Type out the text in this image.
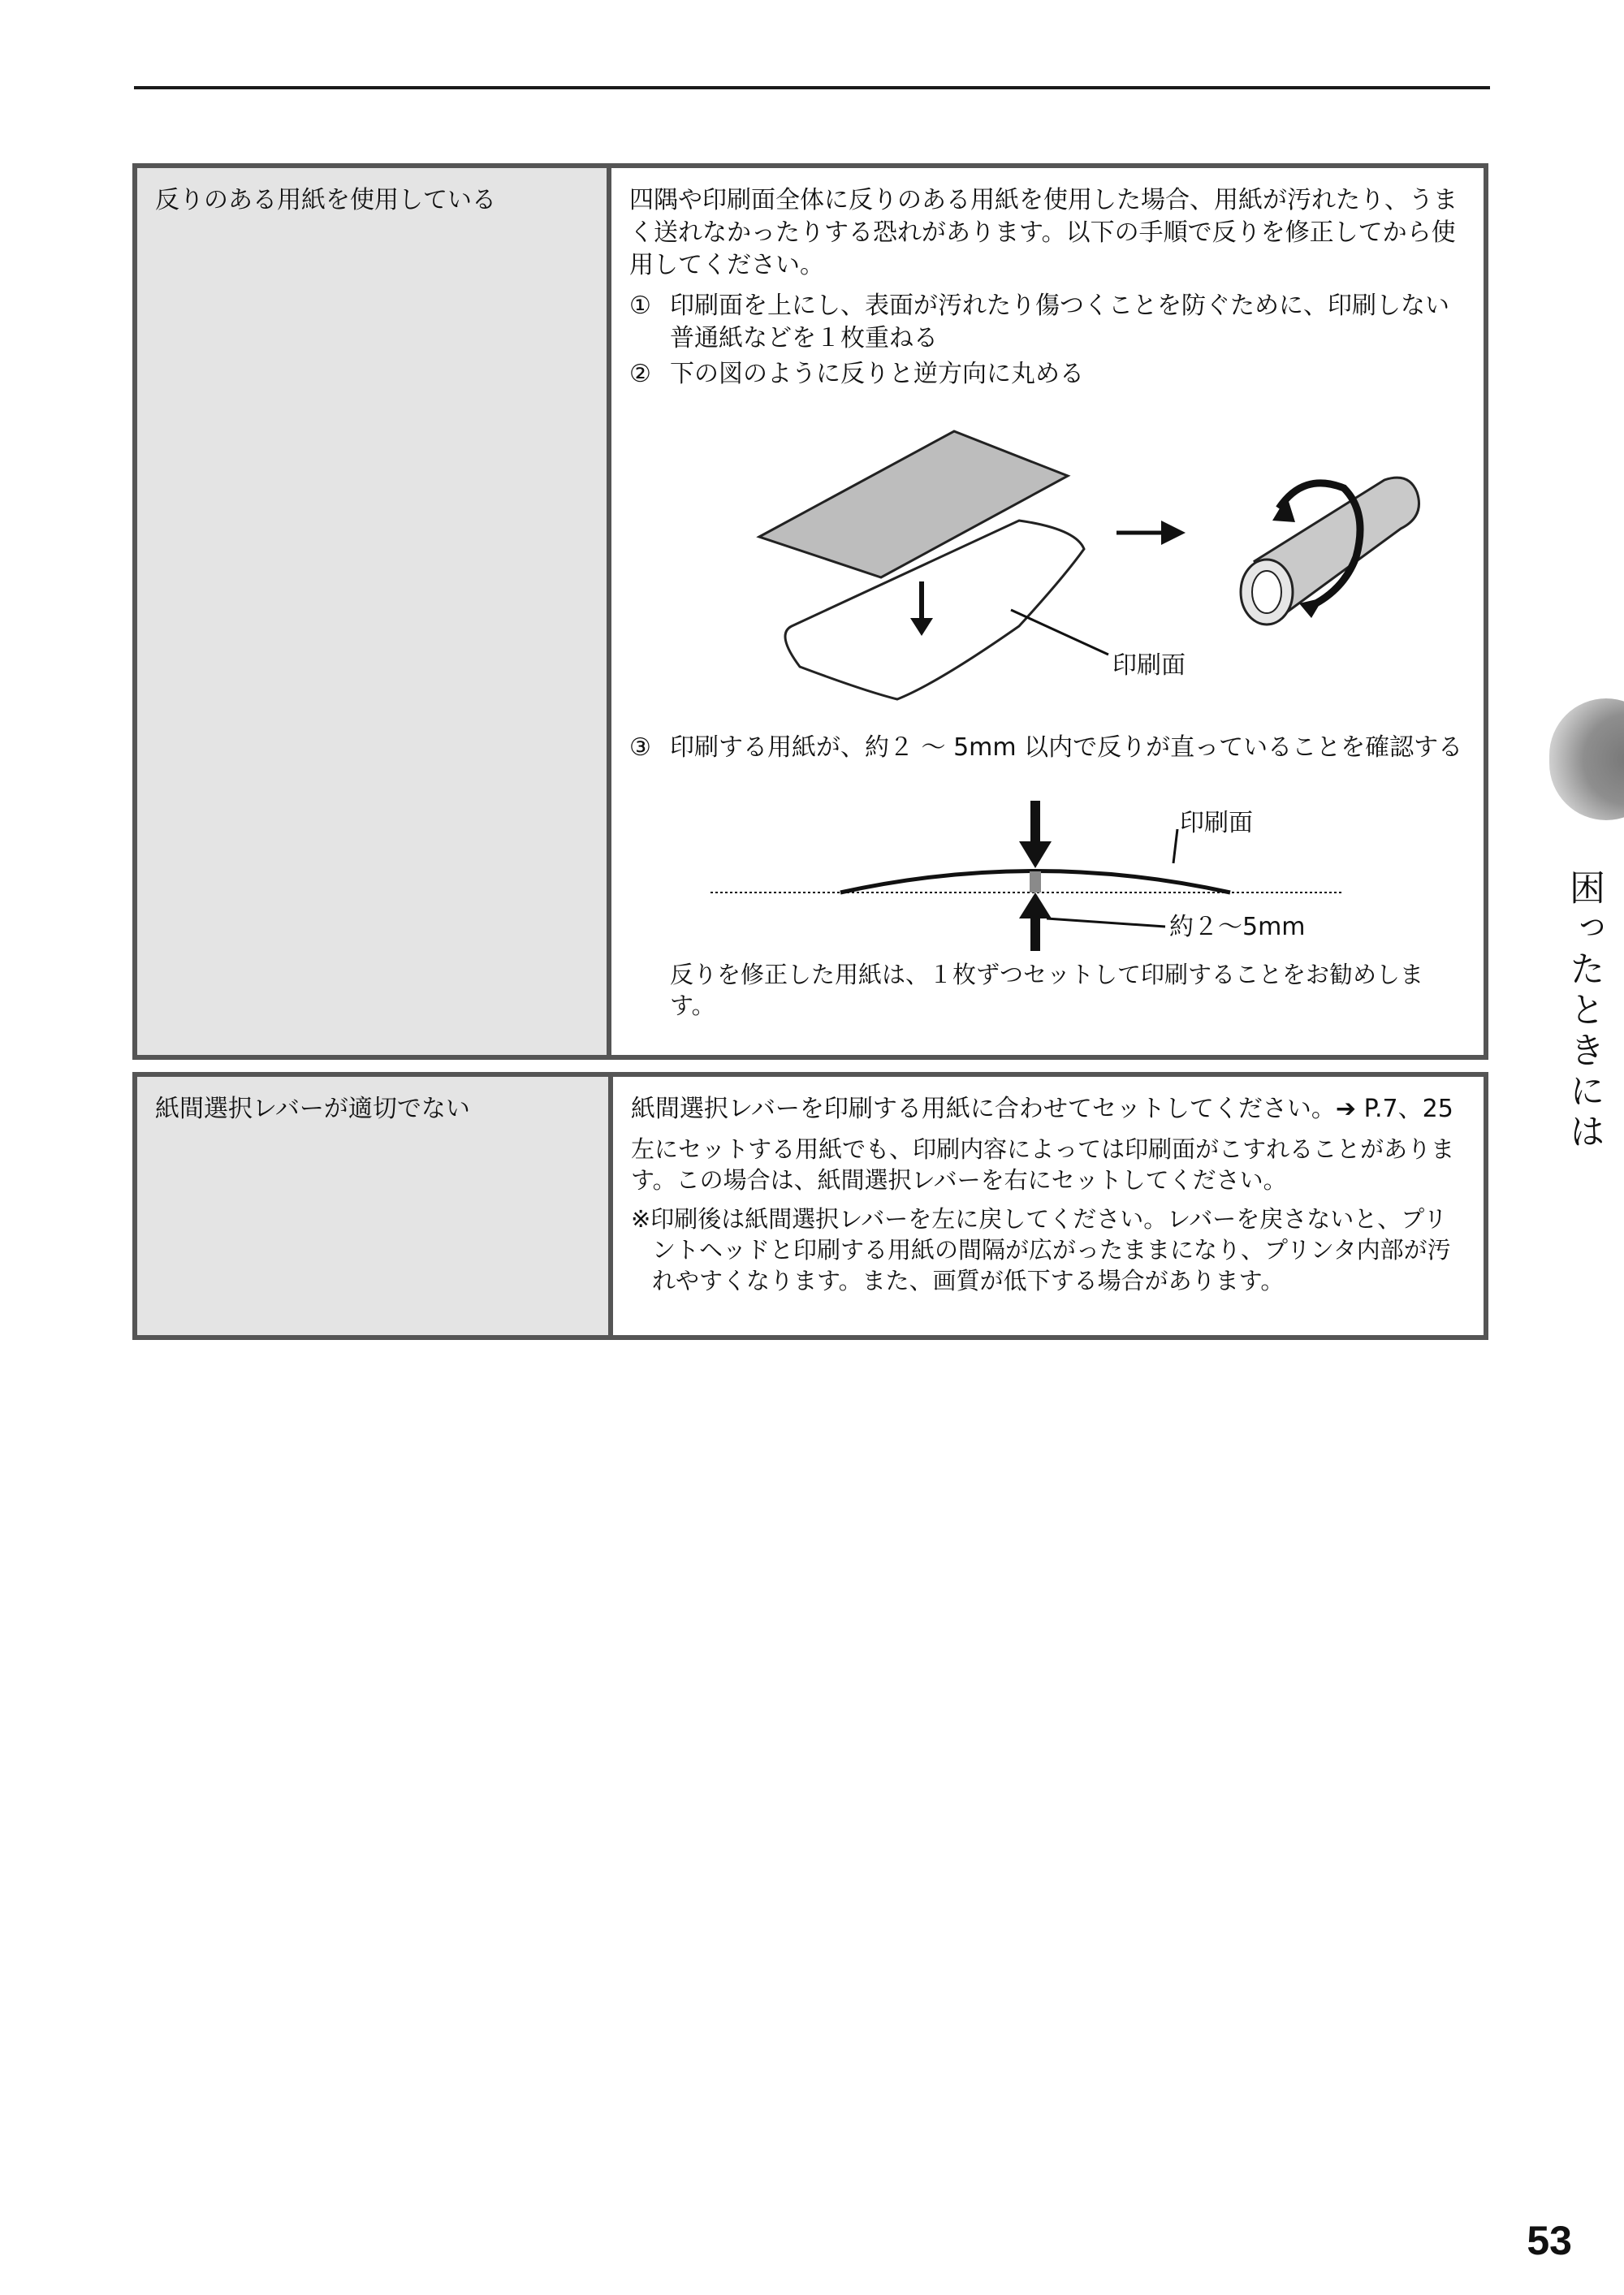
反りのある用紙を使用している	四隅や印刷面全体に反りのある用紙を使用した場合、用紙が汚れたり、うまく送れなかったりする恐れがあります。以下の手順で反りを修正してから使用してください。

① 印刷面を上にし、表面が汚れたり傷つくことを防ぐために、印刷しない普通紙などを１枚重ねる
② 下の図のように反りと逆方向に丸める
印刷面
③ 印刷する用紙が、約２ ～ 5mm 以内で反りが直っていることを確認する
印刷面
約２～5mm

反りを修正した用紙は、１枚ずつセットして印刷することをお勧めします。

紙間選択レバーが適切でない	紙間選択レバーを印刷する用紙に合わせてセットしてください。➔ P.7、25

左にセットする用紙でも、印刷内容によっては印刷面がこすれることがあります。この場合は、紙間選択レバーを右にセットしてください。

※印刷後は紙間選択レバーを左に戻してください。レバーを戻さないと、プリントヘッドと印刷する用紙の間隔が広がったままになり、プリンタ内部が汚れやすくなります。また、画質が低下する場合があります。

困ったときには
53
